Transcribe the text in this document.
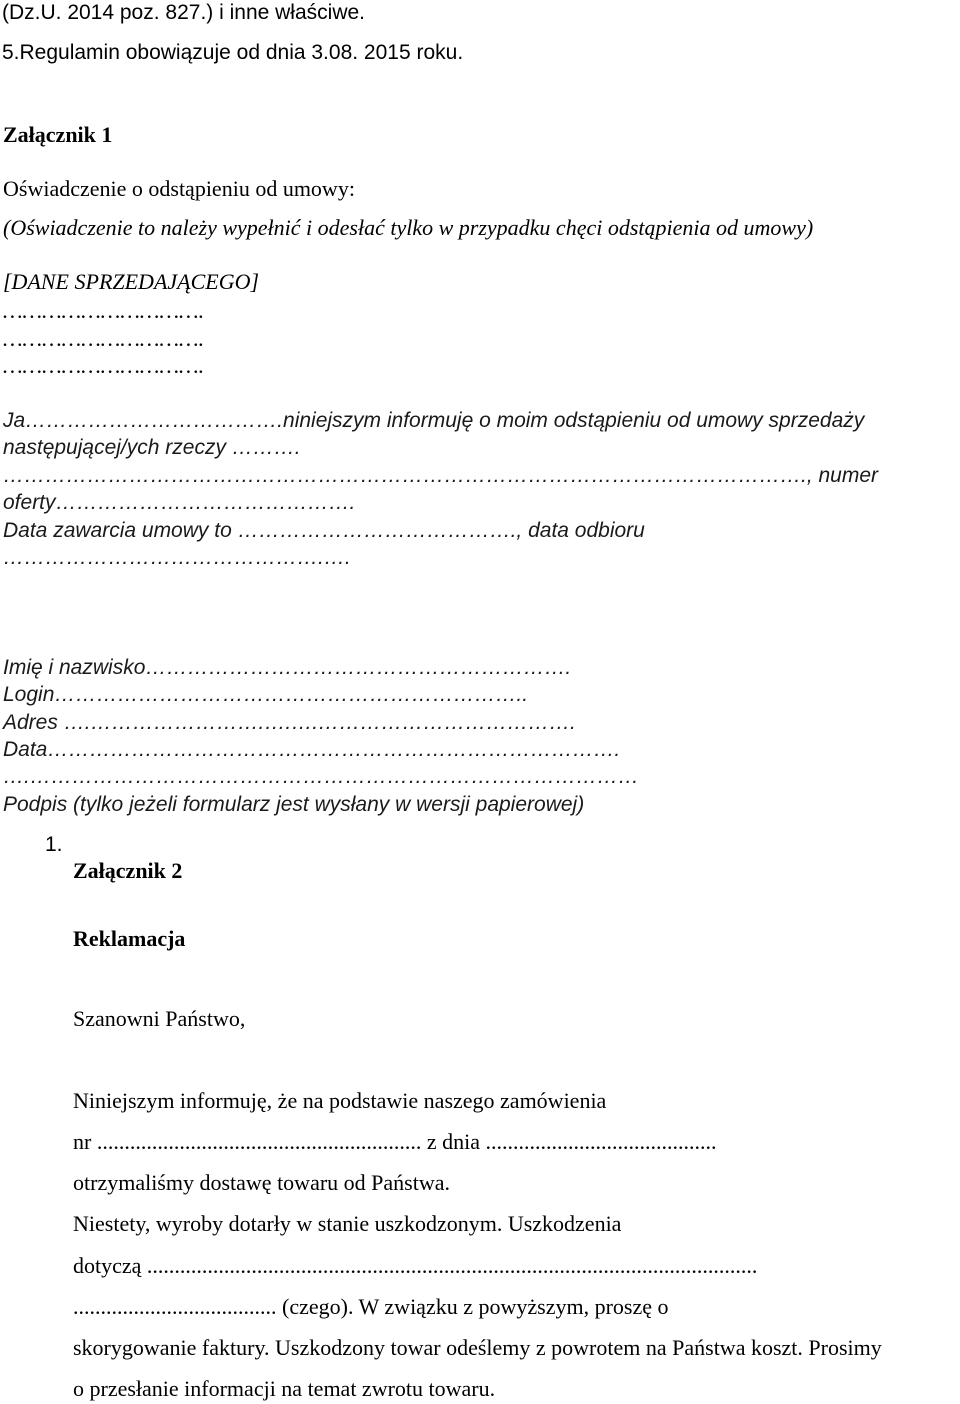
(Dz.U. 2014 poz. 827.) i inne właściwe.
5.Regulamin obowiązuje od dnia 3.08. 2015 roku.
Załącznik 1
Oświadczenie o odstąpieniu od umowy:
(Oświadczenie to należy wypełnić i odesłać tylko w przypadku chęci odstąpienia od umowy)
[DANE SPRZEDAJĄCEGO]
………………………….
………………………….
………………………….
Ja……………………………….niniejszym informuję o moim odstąpieniu od umowy sprzedaży
następującej/ych rzeczy ……….
……………………………………………………………………………………………………., numer
oferty…………………………………….
Data zawarcia umowy to …………………………………., data odbioru
……………………………………….….
Imię i nazwisko…………………………………………………….
Login…………………………………………………………..
Adres ….…………………….….….……………………………….
Data……………………………………………………………………….
….……………………………………………………………………………
Podpis (tylko jeżeli formularz jest wysłany w wersji papierowej)
1.
Załącznik 2
Reklamacja
Szanowni Państwo,
Niniejszym informuję, że na podstawie naszego zamówienia
nr ........................................................... z dnia ..........................................
otrzymaliśmy dostawę towaru od Państwa.
Niestety, wyroby dotarły w stanie uszkodzonym. Uszkodzenia
dotyczą ...............................................................................................................
..................................... (czego). W związku z powyższym, proszę o
skorygowanie faktury. Uszkodzony towar odeślemy z powrotem na Państwa koszt. Prosimy
o przesłanie informacji na temat zwrotu towaru.
